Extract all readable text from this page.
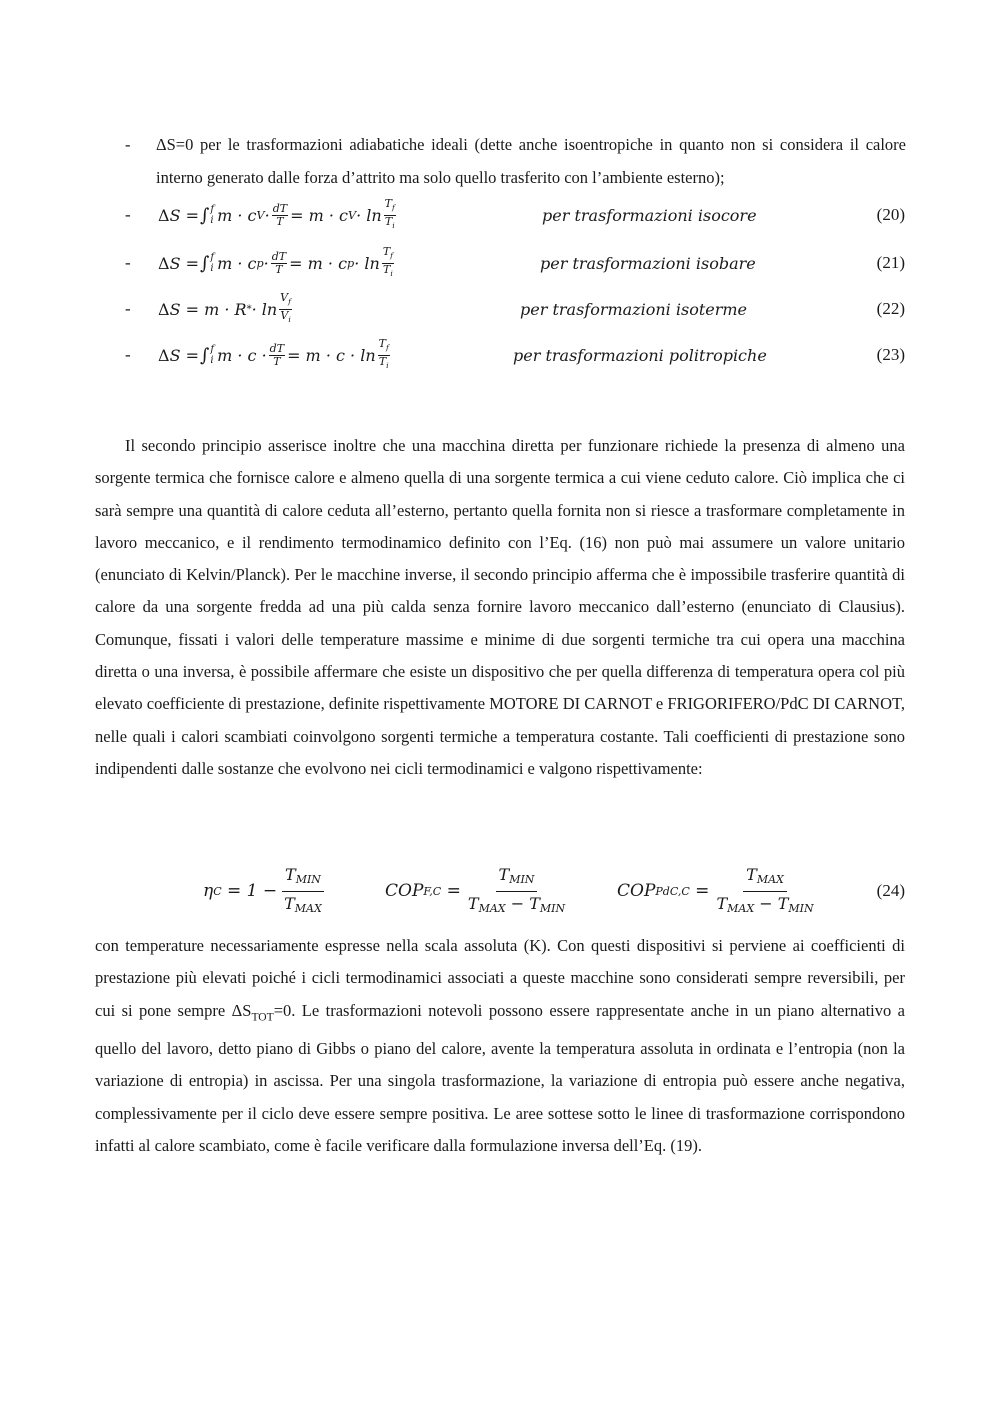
- ΔS=0 per le trasformazioni adiabatiche ideali (dette anche isoentropiche in quanto non si considera il calore interno generato dalle forza d’attrito ma solo quello trasferito con l’ambiente esterno);
- Δ S = ∫ f
i m · c $V \cdot \frac{dT}{T} = m \cdot c$ $V \cdot \ln \frac{T_f}{T_i}$	per trasformazioni isocore	(20)
- Δ S = ∫ f
i m · c $p \cdot \frac{dT}{T} = m \cdot c$ $p \cdot \ln \frac{T_f}{T_i}$	per trasformazioni isobare	(21)
- Δ S = m · R * · $\ln \frac{V_f}{V_i}$	per trasformazioni isoterme	(22)
- Δ S = ∫ f
i $m \cdot c \cdot \frac{dT}{T} = m \cdot c \cdot \ln \frac{T_f}{T_i}$	per trasformazioni politropiche	(23)

Il secondo principio asserisce inoltre che una macchina diretta per funzionare richiede la presenza di almeno una sorgente termica che fornisce calore e almeno quella di una sorgente termica a cui viene ceduto calore. Ciò implica che ci sarà sempre una quantità di calore ceduta all’esterno, pertanto quella fornita non si riesce a trasformare completamente in lavoro meccanico, e il rendimento termodinamico definito con l’Eq. (16) non può mai assumere un valore unitario (enunciato di Kelvin/Planck). Per le macchine inverse, il secondo principio afferma che è impossibile trasferire quantità di calore da una sorgente fredda ad una più calda senza fornire lavoro meccanico dall’esterno (enunciato di Clausius). Comunque, fissati i valori delle temperature massime e minime di due sorgenti termiche tra cui opera una macchina diretta o una inversa, è possibile affermare che esiste un dispositivo che per quella differenza di temperatura opera col più elevato coefficiente di prestazione, definite rispettivamente MOTORE DI CARNOT e FRIGORIFERO/PdC DI CARNOT, nelle quali i calori scambiati coinvolgono sorgenti termiche a temperatura costante. Tali coefficienti di prestazione sono indipendenti dalle sostanze che evolvono nei cicli termodinamici e valgono rispettivamente:

η $C = 1 - \frac{\text{TMIN}}{\text{TMAX}}$	COP $F,C = \frac{\text{TMIN}}{\text{TMAX − TMIN}}$	COP $PdC,C = \frac{\text{TMAX}}{\text{TMAX − TMIN}}$	(24)

con temperature necessariamente espresse nella scala assoluta (K). Con questi dispositivi si perviene ai coefficienti di prestazione più elevati poiché i cicli termodinamici associati a queste macchine sono considerati sempre reversibili, per cui si pone sempre $\Delta S_{TOT}=0$. Le trasformazioni notevoli possono essere rappresentate anche in un piano alternativo a quello del lavoro, detto piano di Gibbs o piano del calore, avente la temperatura assoluta in ordinata e l’entropia (non la variazione di entropia) in ascissa. Per una singola trasformazione, la variazione di entropia può essere anche negativa, complessivamente per il ciclo deve essere sempre positiva. Le aree sottese sotto le linee di trasformazione corrispondono infatti al calore scambiato, come è facile verificare dalla formulazione inversa dell’Eq. (19).
